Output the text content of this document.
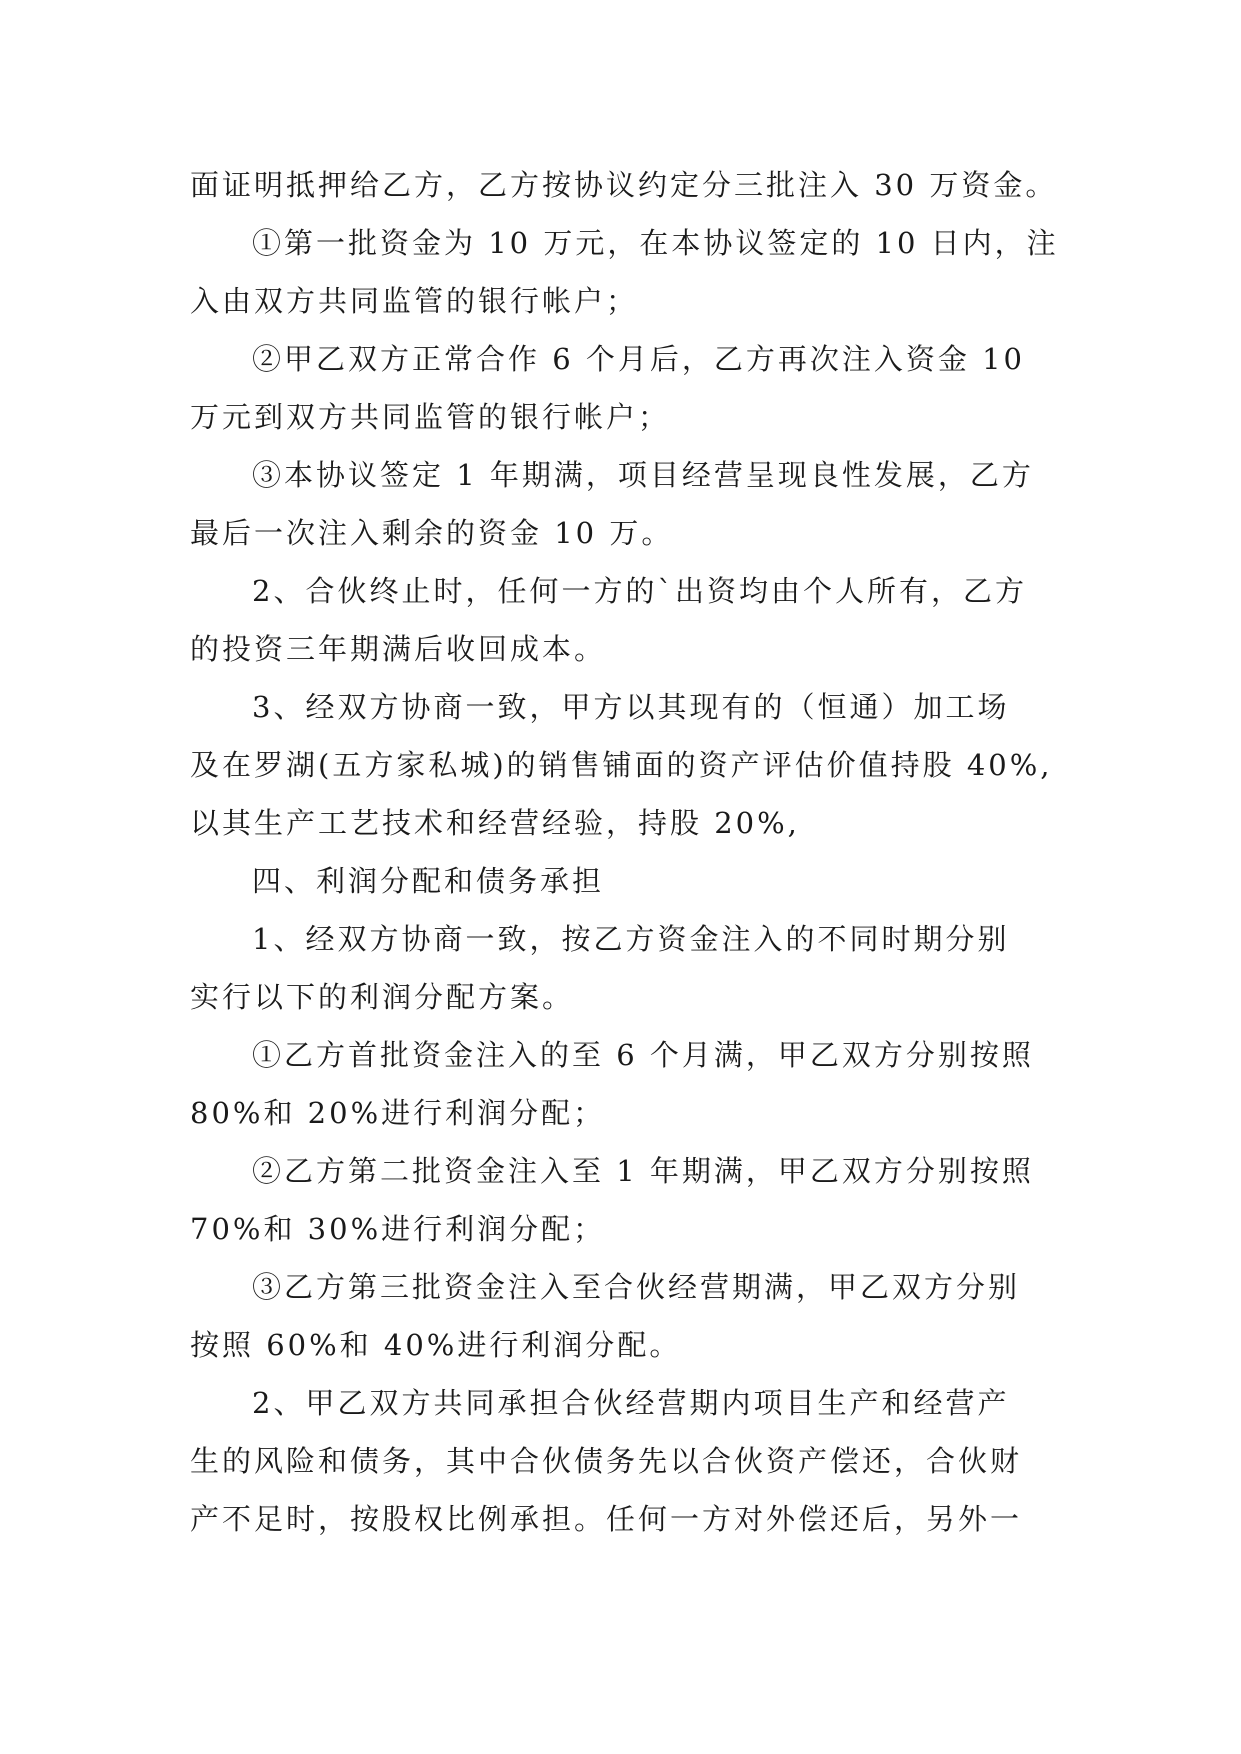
面证明抵押给乙方，乙方按协议约定分三批注入 30 万资金。
①第一批资金为 10 万元，在本协议签定的 10 日内，注
入由双方共同监管的银行帐户；
②甲乙双方正常合作 6 个月后，乙方再次注入资金 10
万元到双方共同监管的银行帐户；
③本协议签定 1 年期满，项目经营呈现良性发展，乙方
最后一次注入剩余的资金 10 万。
2、合伙终止时，任何一方的`出资均由个人所有，乙方
的投资三年期满后收回成本。
3、经双方协商一致，甲方以其现有的（恒通）加工场
及在罗湖(五方家私城)的销售铺面的资产评估价值持股 40%,
以其生产工艺技术和经营经验，持股 20%,
四、利润分配和债务承担
1、经双方协商一致，按乙方资金注入的不同时期分别
实行以下的利润分配方案。
①乙方首批资金注入的至 6 个月满，甲乙双方分别按照
80%和 20%进行利润分配；
②乙方第二批资金注入至 1 年期满，甲乙双方分别按照
70%和 30%进行利润分配；
③乙方第三批资金注入至合伙经营期满，甲乙双方分别
按照 60%和 40%进行利润分配。
2、甲乙双方共同承担合伙经营期内项目生产和经营产
生的风险和债务，其中合伙债务先以合伙资产偿还，合伙财
产不足时，按股权比例承担。任何一方对外偿还后，另外一
